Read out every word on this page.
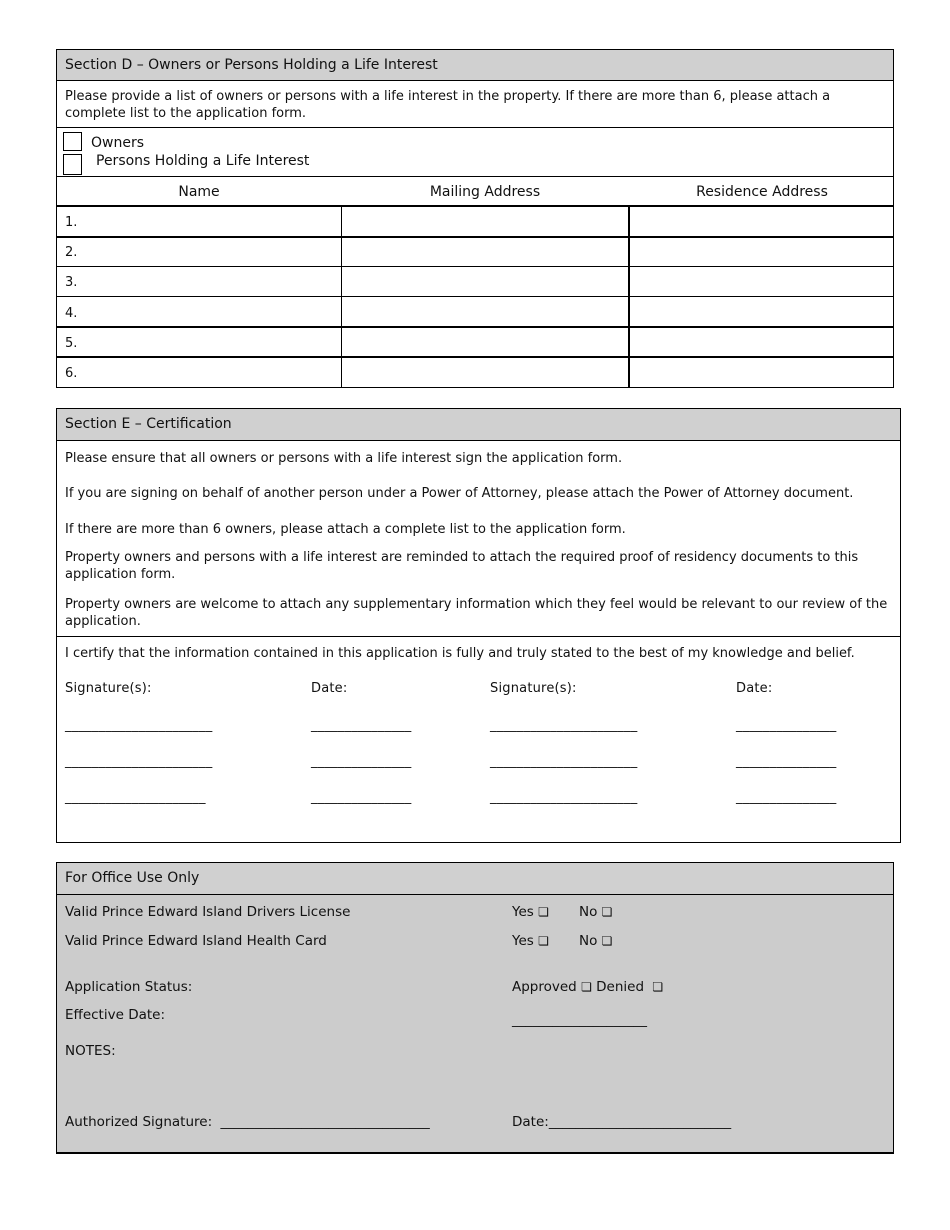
Section D – Owners or Persons Holding a Life Interest
Please provide a list of owners or persons with a life interest in the property. If there are more than 6, please attach a complete list to the application form.
Owners
Persons Holding a Life Interest
Name	Mailing Address	Residence Address
1.
2.
3.
4.
5.
6.
Section E – Certification
Please ensure that all owners or persons with a life interest sign the application form.
If you are signing on behalf of another person under a Power of Attorney, please attach the Power of Attorney document.
If there are more than 6 owners, please attach a complete list to the application form.
Property owners and persons with a life interest are reminded to attach the required proof of residency documents to this application form.
Property owners are welcome to attach any supplementary information which they feel would be relevant to our review of the application.
I certify that the information contained in this application is fully and truly stated to the best of my knowledge and belief.
Signature(s):	Date:	Signature(s):	Date:
______________________	_______________	______________________	_______________
______________________	_______________	______________________	_______________
_____________________	_______________	______________________	_______________
For Office Use Only
Valid Prince Edward Island Drivers License	Yes ❏ No ❏
Valid Prince Edward Island Health Card	Yes ❏ No ❏
Application Status:	Approved ❏ Denied ❏
Effective Date:	____________________
NOTES:
Authorized Signature: _______________________________	Date:___________________________
